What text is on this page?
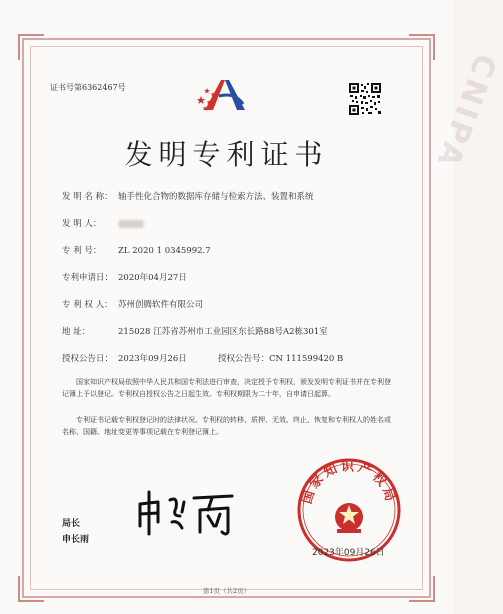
CNIPA
证书号第6362467号
发明专利证书
发 明 名 称： 轴手性化合物的数据库存储与检索方法、装置和系统
发 明 人：
专 利 号： ZL 2020 1 0345992.7
专利申请日： 2020年04月27日
专 利 权 人： 苏州创腾软件有限公司
地 址：	215028 江苏省苏州市工业园区东长路88号A2栋301室
授权公告日： 2023年09月26日	授权公告号：CN 111599420 B
国家知识产权局依照中华人民共和国专利法进行审查，决定授予专利权，颁发发明专利证书并在专利登记簿上予以登记。专利权自授权公告之日起生效。专利权期限为二十年，自申请日起算。
专利证书记载专利权登记时的法律状况。专利权的转移、质押、无效、终止、恢复和专利权人的姓名或名称、国籍、地址变更等事项记载在专利登记簿上。
局长
申长雨
国家知识产权局
2023年09月26日
第1页（共2页）
